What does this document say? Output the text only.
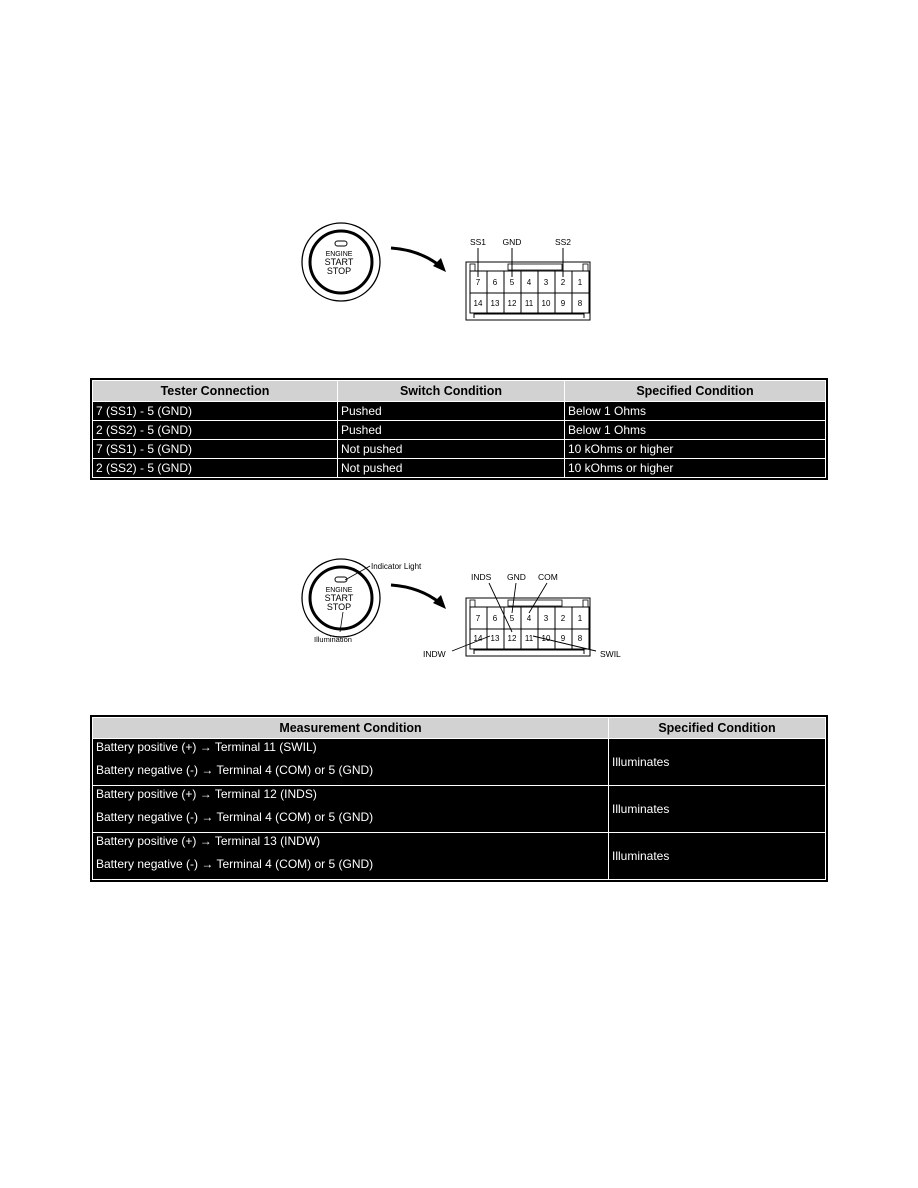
ENGINE
START
STOP
7 6 5 4 3 2 1
14 13 12 11 10 9 8
SS1 GND	SS2
Tester Connection	Switch Condition	Specified Condition
7 (SS1) - 5 (GND)	Pushed	Below 1 Ohms
2 (SS2) - 5 (GND)	Pushed	Below 1 Ohms
7 (SS1) - 5 (GND)	Not pushed	10 kOhms or higher
2 (SS2) - 5 (GND)	Not pushed	10 kOhms or higher
ENGINE
START
STOP
Indicator Light
Illumination
7 6 5 4 3 2 1
14 13 12 11 10 9 8
INDS GND COM
INDW	SWIL
Measurement Condition	Specified Condition

Battery positive (+) → Terminal 11 (SWIL)
Battery negative (-) → Terminal 4 (COM) or 5 (GND)	Illuminates

Battery positive (+) → Terminal 12 (INDS)
Battery negative (-) → Terminal 4 (COM) or 5 (GND)	Illuminates

Battery positive (+) → Terminal 13 (INDW)
Battery negative (-) → Terminal 4 (COM) or 5 (GND)	Illuminates
